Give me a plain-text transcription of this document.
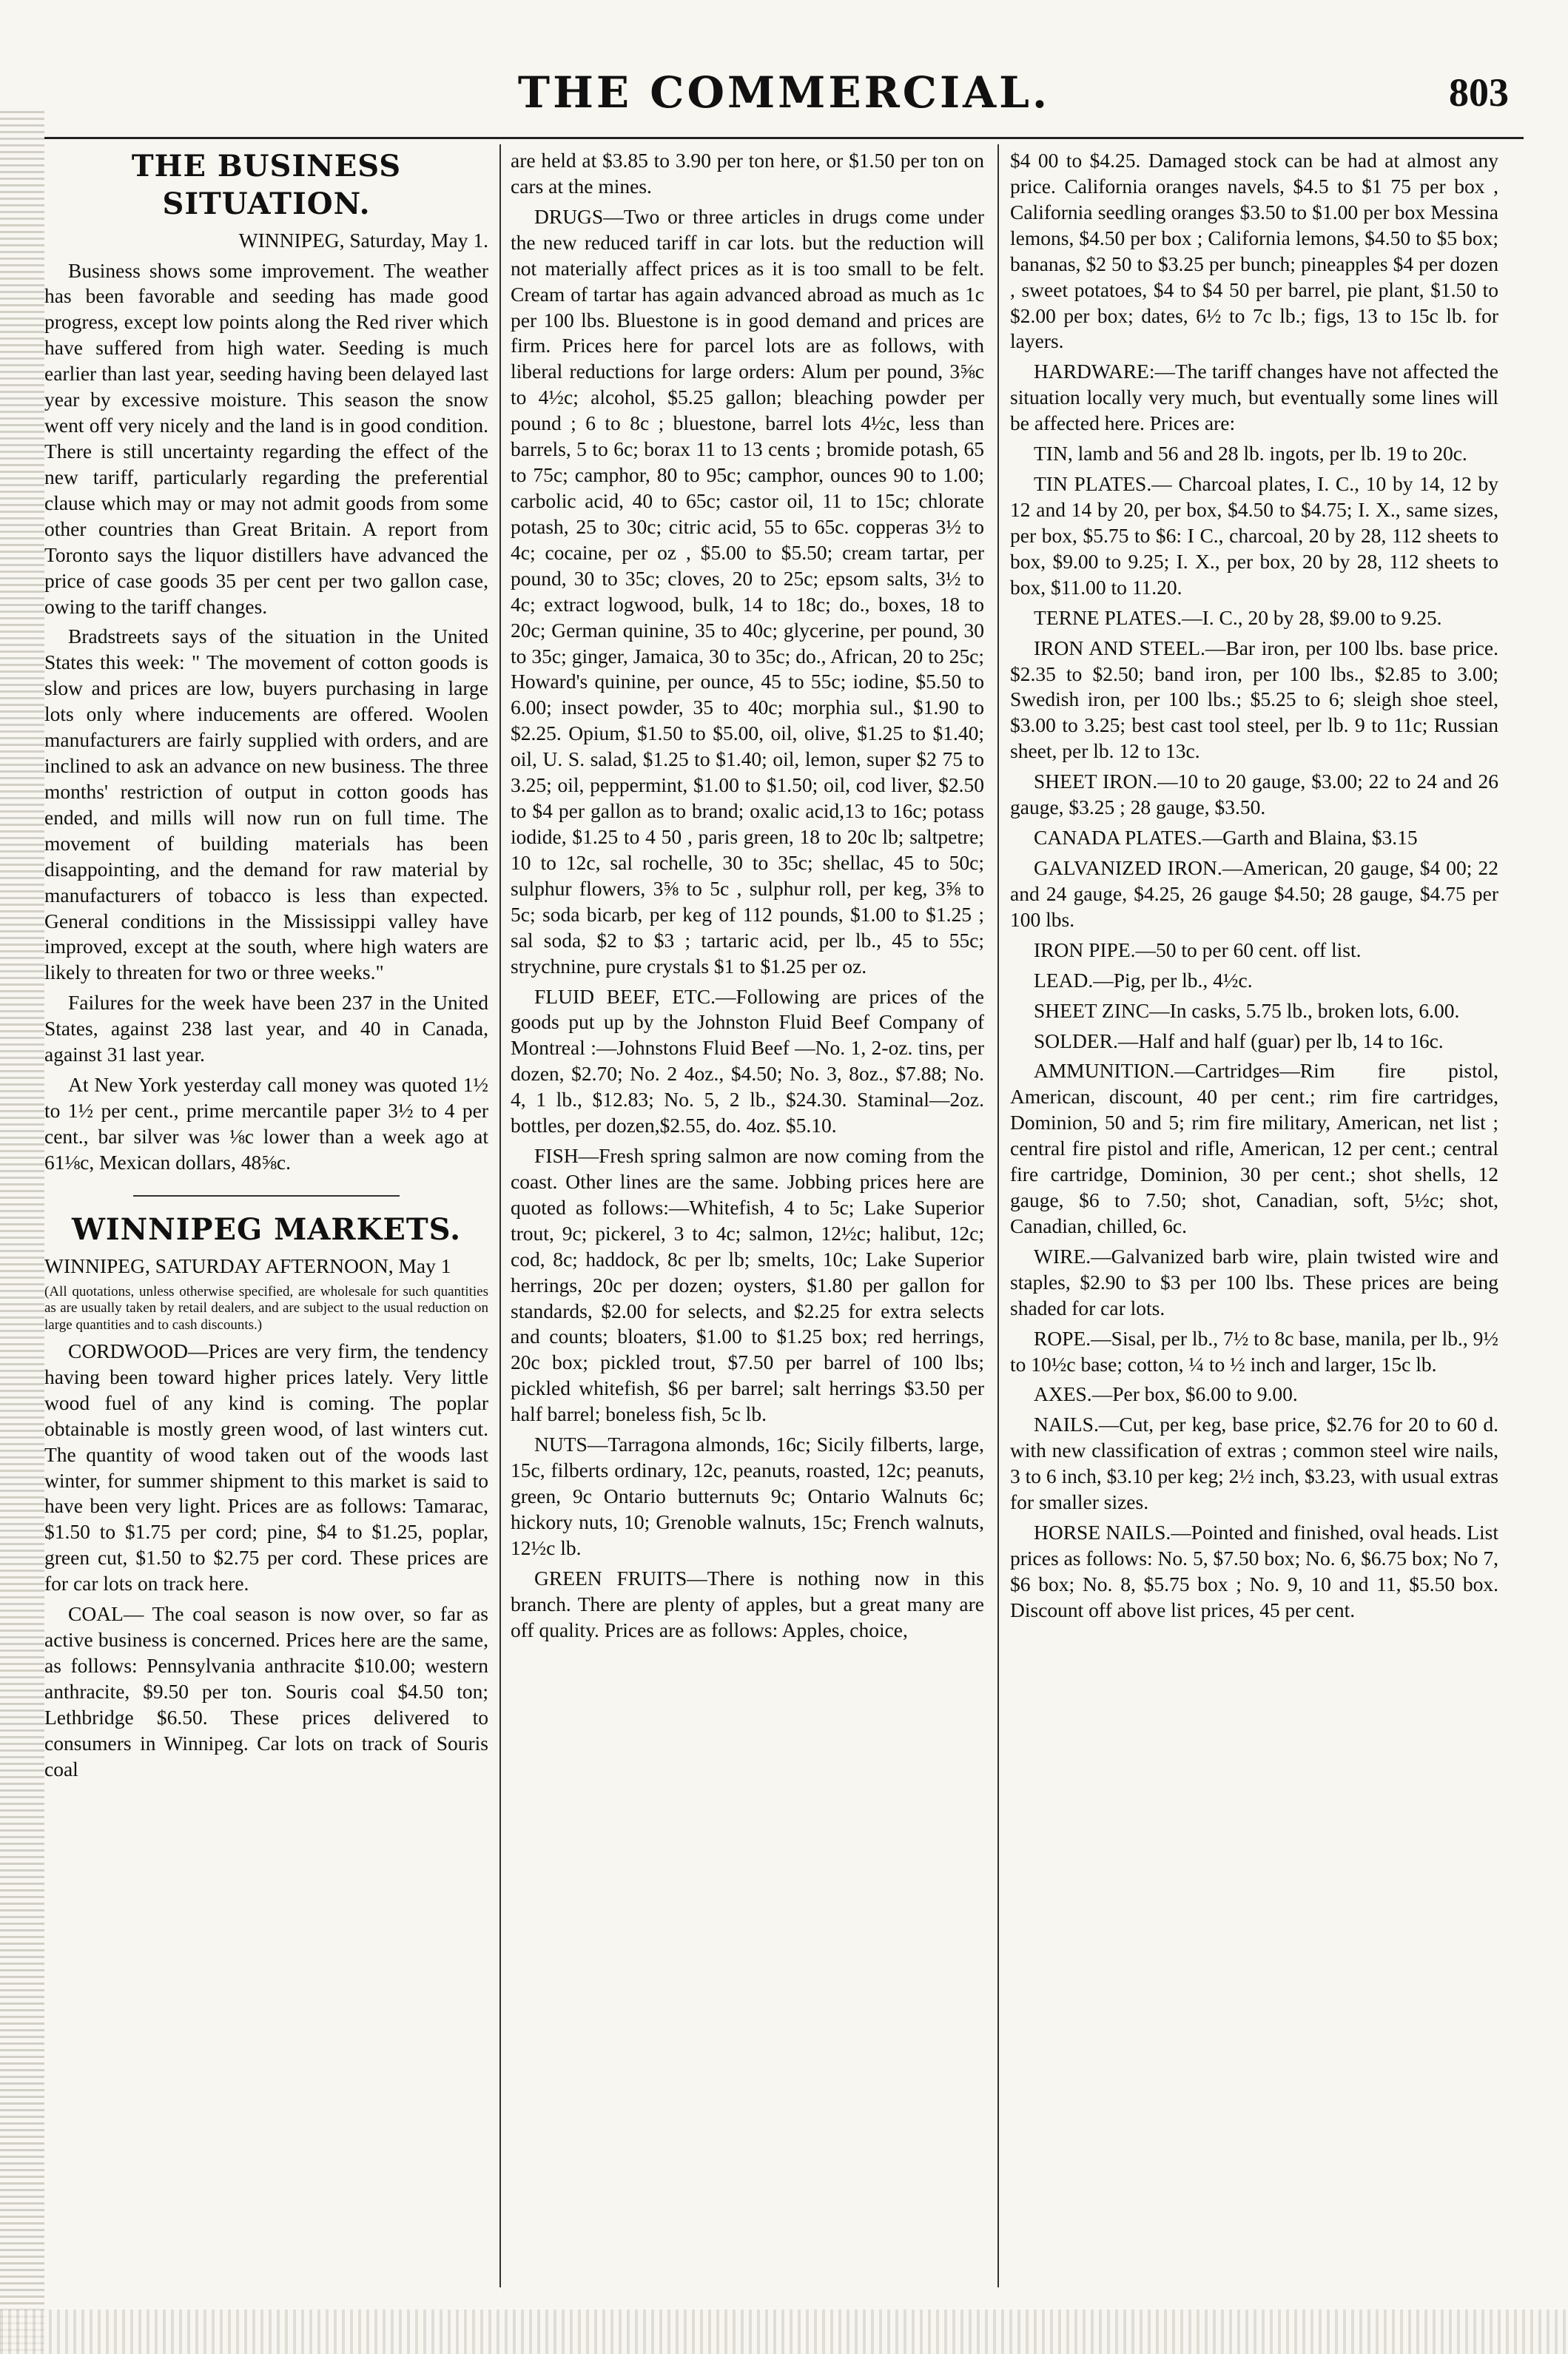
THE COMMERCIAL.	803

THE BUSINESS SITUATION.

WINNIPEG, Saturday, May 1.

Business shows some improvement. The weather has been favorable and seeding has made good progress, except low points along the Red river which have suffered from high water. Seeding is much earlier than last year, seeding having been delayed last year by excessive moisture. This season the snow went off very nicely and the land is in good condition. There is still uncertainty regarding the effect of the new tariff, particularly regarding the preferential clause which may or may not admit goods from some other countries than Great Britain. A report from Toronto says the liquor distillers have advanced the price of case goods 35 per cent per two gallon case, owing to the tariff changes.

Bradstreets says of the situation in the United States this week: " The movement of cotton goods is slow and prices are low, buyers purchasing in large lots only where inducements are offered. Woolen manufacturers are fairly supplied with orders, and are inclined to ask an advance on new business. The three months' restriction of output in cotton goods has ended, and mills will now run on full time. The movement of building materials has been disappointing, and the demand for raw material by manufacturers of tobacco is less than expected. General conditions in the Mississippi valley have improved, except at the south, where high waters are likely to threaten for two or three weeks."

Failures for the week have been 237 in the United States, against 238 last year, and 40 in Canada, against 31 last year.

At New York yesterday call money was quoted 1½ to 1½ per cent., prime mercantile paper 3½ to 4 per cent., bar silver was ⅛c lower than a week ago at 61⅛c, Mexican dollars, 48⅝c.

WINNIPEG MARKETS.

WINNIPEG, SATURDAY AFTERNOON, May 1

(All quotations, unless otherwise specified, are wholesale for such quantities as are usually taken by retail dealers, and are subject to the usual reduction on large quantities and to cash discounts.)

CORDWOOD—Prices are very firm, the tendency having been toward higher prices lately. Very little wood fuel of any kind is coming. The poplar obtainable is mostly green wood, of last winters cut. The quantity of wood taken out of the woods last winter, for summer shipment to this market is said to have been very light. Prices are as follows: Tamarac, $1.50 to $1.75 per cord; pine, $4 to $1.25, poplar, green cut, $1.50 to $2.75 per cord. These prices are for car lots on track here.

COAL— The coal season is now over, so far as active business is concerned. Prices here are the same, as follows: Pennsylvania anthracite $10.00; western anthracite, $9.50 per ton. Souris coal $4.50 ton; Lethbridge $6.50. These prices delivered to consumers in Winnipeg. Car lots on track of Souris coal

are held at $3.85 to 3.90 per ton here, or $1.50 per ton on cars at the mines.

DRUGS—Two or three articles in drugs come under the new reduced tariff in car lots. but the reduction will not materially affect prices as it is too small to be felt. Cream of tartar has again advanced abroad as much as 1c per 100 lbs. Bluestone is in good demand and prices are firm. Prices here for parcel lots are as follows, with liberal reductions for large orders: Alum per pound, 3⅝c to 4½c; alcohol, $5.25 gallon; bleaching powder per pound ; 6 to 8c ; bluestone, barrel lots 4½c, less than barrels, 5 to 6c; borax 11 to 13 cents ; bromide potash, 65 to 75c; camphor, 80 to 95c; camphor, ounces 90 to 1.00; carbolic acid, 40 to 65c; castor oil, 11 to 15c; chlorate potash, 25 to 30c; citric acid, 55 to 65c. copperas 3½ to 4c; cocaine, per oz , $5.00 to $5.50; cream tartar, per pound, 30 to 35c; cloves, 20 to 25c; epsom salts, 3½ to 4c; extract logwood, bulk, 14 to 18c; do., boxes, 18 to 20c; German quinine, 35 to 40c; glycerine, per pound, 30 to 35c; ginger, Jamaica, 30 to 35c; do., African, 20 to 25c; Howard's quinine, per ounce, 45 to 55c; iodine, $5.50 to 6.00; insect powder, 35 to 40c; morphia sul., $1.90 to $2.25. Opium, $1.50 to $5.00, oil, olive, $1.25 to $1.40; oil, U. S. salad, $1.25 to $1.40; oil, lemon, super $2 75 to 3.25; oil, peppermint, $1.00 to $1.50; oil, cod liver, $2.50 to $4 per gallon as to brand; oxalic acid,13 to 16c; potass iodide, $1.25 to 4 50 , paris green, 18 to 20c lb; saltpetre; 10 to 12c, sal rochelle, 30 to 35c; shellac, 45 to 50c; sulphur flowers, 3⅝ to 5c , sulphur roll, per keg, 3⅝ to 5c; soda bicarb, per keg of 112 pounds, $1.00 to $1.25 ; sal soda, $2 to $3 ; tartaric acid, per lb., 45 to 55c; strychnine, pure crystals $1 to $1.25 per oz.

FLUID BEEF, ETC.—Following are prices of the goods put up by the Johnston Fluid Beef Company of Montreal :—Johnstons Fluid Beef —No. 1, 2-oz. tins, per dozen, $2.70; No. 2 4oz., $4.50; No. 3, 8oz., $7.88; No. 4, 1 lb., $12.83; No. 5, 2 lb., $24.30. Staminal—2oz. bottles, per dozen,$2.55, do. 4oz. $5.10.

FISH—Fresh spring salmon are now coming from the coast. Other lines are the same. Jobbing prices here are quoted as follows:—Whitefish, 4 to 5c; Lake Superior trout, 9c; pickerel, 3 to 4c; salmon, 12½c; halibut, 12c; cod, 8c; haddock, 8c per lb; smelts, 10c; Lake Superior herrings, 20c per dozen; oysters, $1.80 per gallon for standards, $2.00 for selects, and $2.25 for extra selects and counts; bloaters, $1.00 to $1.25 box; red herrings, 20c box; pickled trout, $7.50 per barrel of 100 lbs; pickled whitefish, $6 per barrel; salt herrings $3.50 per half barrel; boneless fish, 5c lb.

NUTS—Tarragona almonds, 16c; Sicily filberts, large, 15c, filberts ordinary, 12c, peanuts, roasted, 12c; peanuts, green, 9c Ontario butternuts 9c; Ontario Walnuts 6c; hickory nuts, 10; Grenoble walnuts, 15c; French walnuts, 12½c lb.

GREEN FRUITS—There is nothing now in this branch. There are plenty of apples, but a great many are off quality. Prices are as follows: Apples, choice,

$4 00 to $4.25. Damaged stock can be had at almost any price. California oranges navels, $4.5 to $1 75 per box , California seedling oranges $3.50 to $1.00 per box Messina lemons, $4.50 per box ; California lemons, $4.50 to $5 box; bananas, $2 50 to $3.25 per bunch; pineapples $4 per dozen , sweet potatoes, $4 to $4 50 per barrel, pie plant, $1.50 to $2.00 per box; dates, 6½ to 7c lb.; figs, 13 to 15c lb. for layers.

HARDWARE:—The tariff changes have not affected the situation locally very much, but eventually some lines will be affected here. Prices are:

TIN, lamb and 56 and 28 lb. ingots, per lb. 19 to 20c.

TIN PLATES.— Charcoal plates, I. C., 10 by 14, 12 by 12 and 14 by 20, per box, $4.50 to $4.75; I. X., same sizes, per box, $5.75 to $6: I C., charcoal, 20 by 28, 112 sheets to box, $9.00 to 9.25; I. X., per box, 20 by 28, 112 sheets to box, $11.00 to 11.20.

TERNE PLATES.—I. C., 20 by 28, $9.00 to 9.25.

IRON AND STEEL.—Bar iron, per 100 lbs. base price. $2.35 to $2.50; band iron, per 100 lbs., $2.85 to 3.00; Swedish iron, per 100 lbs.; $5.25 to 6; sleigh shoe steel, $3.00 to 3.25; best cast tool steel, per lb. 9 to 11c; Russian sheet, per lb. 12 to 13c.

SHEET IRON.—10 to 20 gauge, $3.00; 22 to 24 and 26 gauge, $3.25 ; 28 gauge, $3.50.

CANADA PLATES.—Garth and Blaina, $3.15

GALVANIZED IRON.—American, 20 gauge, $4 00; 22 and 24 gauge, $4.25, 26 gauge $4.50; 28 gauge, $4.75 per 100 lbs.

IRON PIPE.—50 to per 60 cent. off list.

LEAD.—Pig, per lb., 4½c.

SHEET ZINC—In casks, 5.75 lb., broken lots, 6.00.

SOLDER.—Half and half (guar) per lb, 14 to 16c.

AMMUNITION.—Cartridges—Rim fire pistol, American, discount, 40 per cent.; rim fire cartridges, Dominion, 50 and 5; rim fire military, American, net list ; central fire pistol and rifle, American, 12 per cent.; central fire cartridge, Dominion, 30 per cent.; shot shells, 12 gauge, $6 to 7.50; shot, Canadian, soft, 5½c; shot, Canadian, chilled, 6c.

WIRE.—Galvanized barb wire, plain twisted wire and staples, $2.90 to $3 per 100 lbs. These prices are being shaded for car lots.

ROPE.—Sisal, per lb., 7½ to 8c base, manila, per lb., 9½ to 10½c base; cotton, ¼ to ½ inch and larger, 15c lb.

AXES.—Per box, $6.00 to 9.00.

NAILS.—Cut, per keg, base price, $2.76 for 20 to 60 d. with new classification of extras ; common steel wire nails, 3 to 6 inch, $3.10 per keg; 2½ inch, $3.23, with usual extras for smaller sizes.

HORSE NAILS.—Pointed and finished, oval heads. List prices as follows: No. 5, $7.50 box; No. 6, $6.75 box; No 7, $6 box; No. 8, $5.75 box ; No. 9, 10 and 11, $5.50 box. Discount off above list prices, 45 per cent.
